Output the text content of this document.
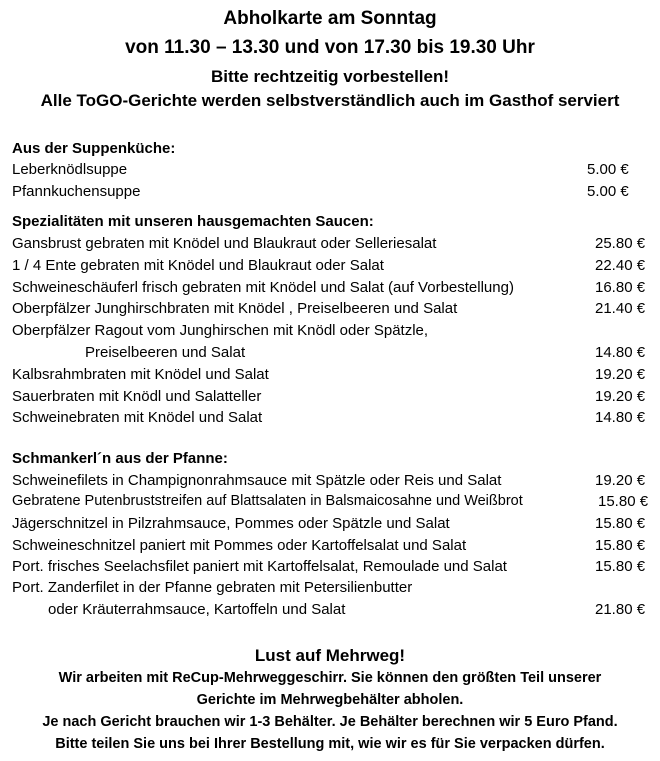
Abholkarte am Sonntag
von 11.30 – 13.30 und von 17.30 bis 19.30 Uhr
Bitte rechtzeitig vorbestellen!
Alle ToGO-Gerichte werden selbstverständlich auch im Gasthof serviert
Aus der Suppenküche:
Leberknödlsuppe	5.00 €
Pfannkuchensuppe	5.00 €
Spezialitäten mit unseren hausgemachten Saucen:
Gansbrust gebraten mit Knödel und Blaukraut oder Selleriesalat	25.80 €
1 / 4 Ente gebraten mit Knödel und Blaukraut oder Salat	22.40 €
Schweineschäuferl frisch gebraten mit Knödel und Salat (auf Vorbestellung)	16.80 €
Oberpfälzer Junghirschbraten mit Knödel , Preiselbeeren und Salat	21.40 €
Oberpfälzer Ragout vom Junghirschen mit Knödl oder Spätzle,
Preiselbeeren und Salat	14.80 €
Kalbsrahmbraten mit Knödel und Salat	19.20 €
Sauerbraten mit Knödl und Salatteller	19.20 €
Schweinebraten mit Knödel und Salat	14.80 €
Schmankerl´n aus der Pfanne:
Schweinefilets in Champignonrahmsauce mit Spätzle oder Reis und Salat	19.20 €
Gebratene Putenbruststreifen auf Blattsalaten in Balsmaicosahne und Weißbrot	15.80 €
Jägerschnitzel in Pilzrahmsauce, Pommes oder Spätzle und Salat	15.80 €
Schweineschnitzel paniert mit Pommes oder Kartoffelsalat und Salat	15.80 €
Port. frisches Seelachsfilet paniert mit Kartoffelsalat, Remoulade und Salat	15.80 €
Port. Zanderfilet in der Pfanne gebraten mit Petersilienbutter
oder Kräuterrahmsauce, Kartoffeln und Salat	21.80 €
Lust auf Mehrweg!
Wir arbeiten mit ReCup-Mehrweggeschirr. Sie können den größten Teil unserer
Gerichte im Mehrwegbehälter abholen.
Je nach Gericht brauchen wir 1-3 Behälter. Je Behälter berechnen wir 5 Euro Pfand.
Bitte teilen Sie uns bei Ihrer Bestellung mit, wie wir es für Sie verpacken dürfen.
